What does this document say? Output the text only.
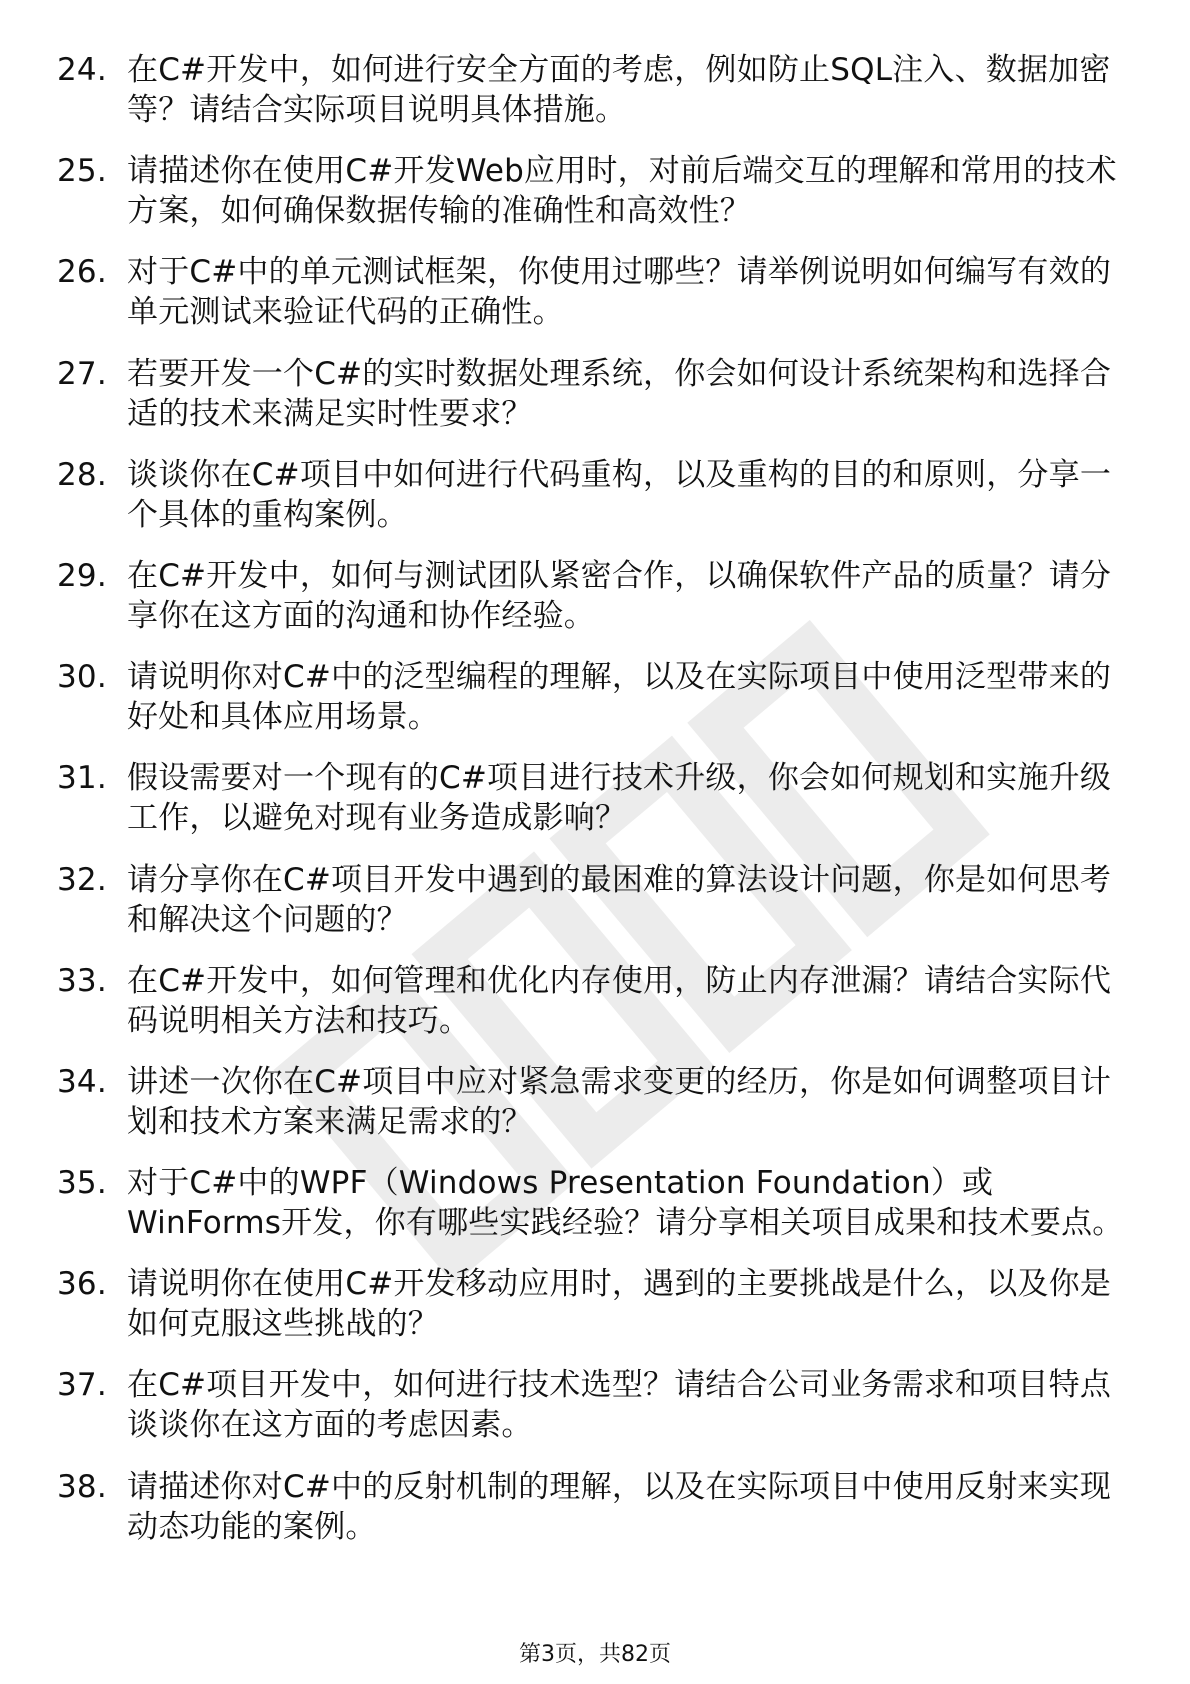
24. 在C#开发中，如何进行安全方面的考虑，例如防止SQL注入、数据加密等？请结合实际项目说明具体措施。
25. 请描述你在使用C#开发Web应用时，对前后端交互的理解和常用的技术方案，如何确保数据传输的准确性和高效性？
26. 对于C#中的单元测试框架，你使用过哪些？请举例说明如何编写有效的单元测试来验证代码的正确性。
27. 若要开发一个C#的实时数据处理系统，你会如何设计系统架构和选择合适的技术来满足实时性要求？
28. 谈谈你在C#项目中如何进行代码重构，以及重构的目的和原则，分享一个具体的重构案例。
29. 在C#开发中，如何与测试团队紧密合作，以确保软件产品的质量？请分享你在这方面的沟通和协作经验。
30. 请说明你对C#中的泛型编程的理解，以及在实际项目中使用泛型带来的好处和具体应用场景。
31. 假设需要对一个现有的C#项目进行技术升级，你会如何规划和实施升级工作，以避免对现有业务造成影响？
32. 请分享你在C#项目开发中遇到的最困难的算法设计问题，你是如何思考和解决这个问题的？
33. 在C#开发中，如何管理和优化内存使用，防止内存泄漏？请结合实际代码说明相关方法和技巧。
34. 讲述一次你在C#项目中应对紧急需求变更的经历，你是如何调整项目计划和技术方案来满足需求的？
35. 对于C#中的WPF（Windows Presentation Foundation）或WinForms开发，你有哪些实践经验？请分享相关项目成果和技术要点。
36. 请说明你在使用C#开发移动应用时，遇到的主要挑战是什么，以及你是如何克服这些挑战的？
37. 在C#项目开发中，如何进行技术选型？请结合公司业务需求和项目特点谈谈你在这方面的考虑因素。
38. 请描述你对C#中的反射机制的理解，以及在实际项目中使用反射来实现动态功能的案例。
第3页，共82页
